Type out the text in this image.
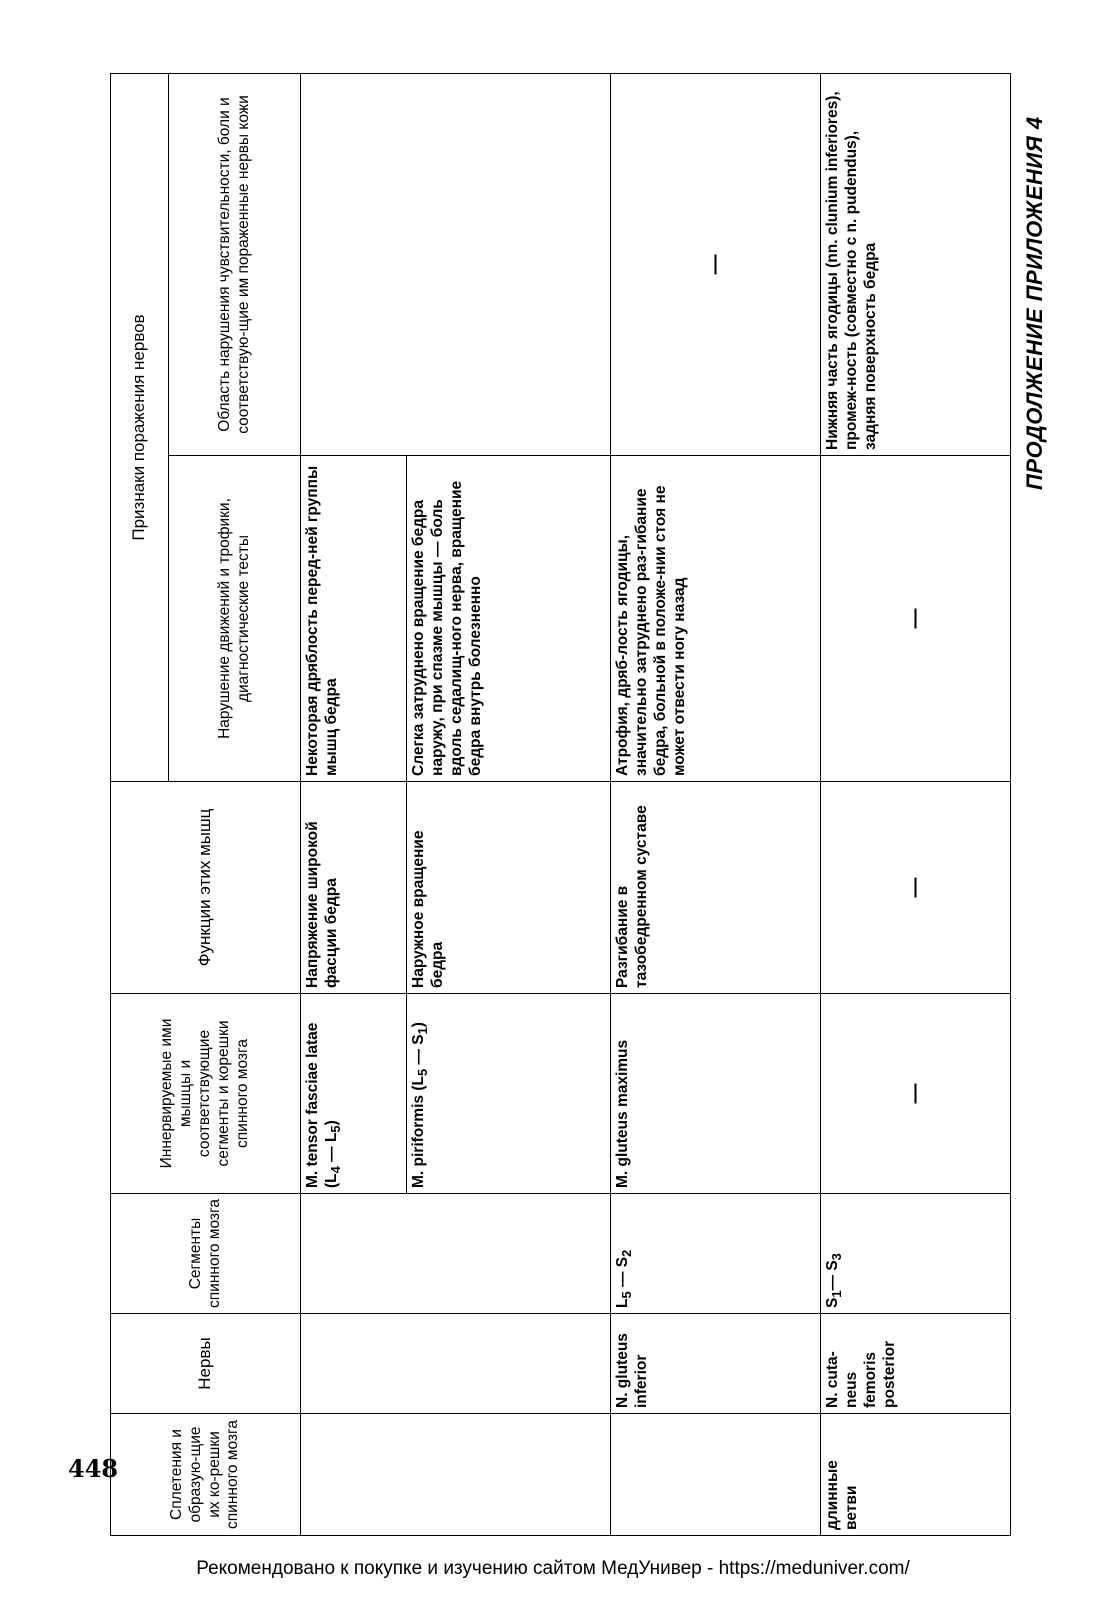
ПРОДОЛЖЕНИЕ ПРИЛОЖЕНИЯ 4
Сплетения и образую-щие их ко-решки спинного мозга	Нервы	Сегменты спинного мозга	Иннервируемые ими мышцы и соответствующие сегменты и корешки спинного мозга	Функции этих мышц	Признаки поражения нервов	
					Нарушение движений и трофики, диагностические тесты	Область нарушения чувствительности, боли и соответствую-щие им пораженные нервы кожи
			M. tensor fasciae latae ($L_4$ — $L_5$)	Напряжение широкой фасции бедра	Некоторая дряблость перед-ней группы мышц бедра	
			M. piriformis ($L_5$ — $S_1$)	Наружное вращение бедра	Слегка затруднено вращение бедра наружу, при спазме мышцы — боль вдоль седалищ-ного нерва, вращение бедра внутрь болезненно	
	N. gluteus inferior	$L_5$ — $S_2$	M. gluteus maximus	Разгибание в тазобедренном суставе	Атрофия, дряб-лость ягодицы, значительно затруднено раз-гибание бедра, больной в положе-нии стоя не может отвести ногу назад	—
длинные ветви	N. cuta-neus femoris posterior	$S_1—$ $S_3$	—	—	—	Нижняя часть ягодицы (nn. clunium inferiores), промеж-ность (совместно с n. pudendus), задняя поверхность бедра
448
Рекомендовано к покупке и изучению сайтом МедУнивер - https://meduniver.com/
